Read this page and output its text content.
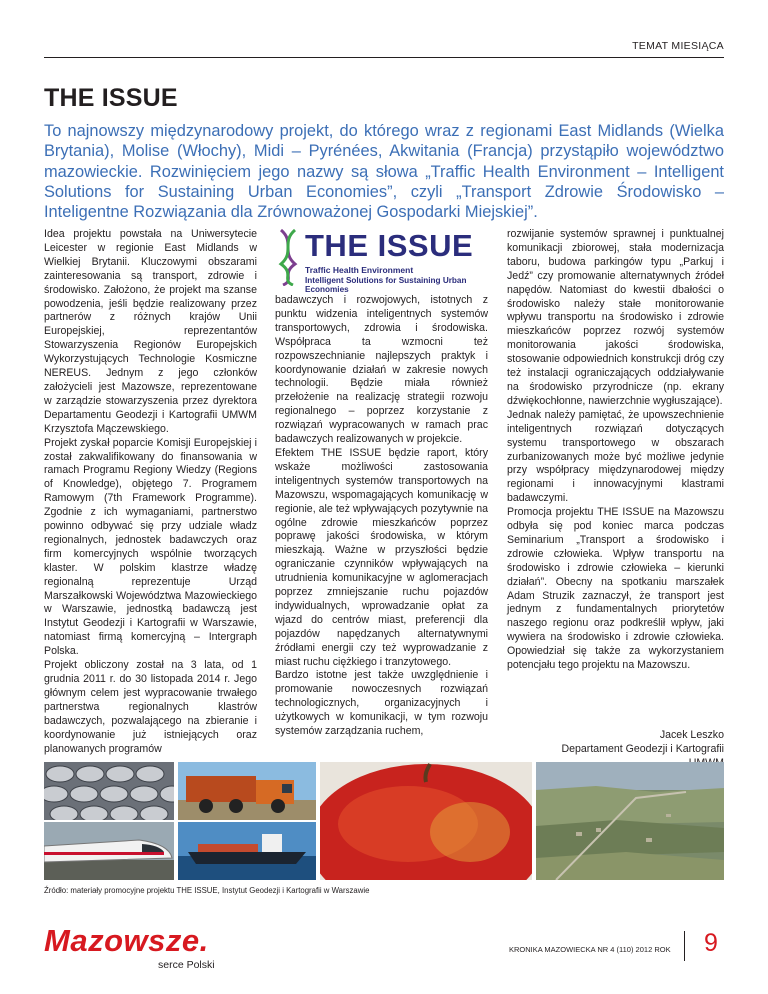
TEMAT MIESIĄCA
THE ISSUE

To najnowszy międzynarodowy projekt, do którego wraz z regionami East Midlands (Wielka Brytania), Molise (Włochy), Midi – Pyrénées, Akwitania (Francja) przystąpiło województwo mazowieckie. Rozwinięciem jego nazwy są słowa „Traffic Health Environment – Intelligent Solutions for Sustaining Urban Economies”, czyli „Transport Zdrowie Środowisko – Inteligentne Rozwiązania dla Zrównoważonej Gospodarki Miejskiej”.

Idea projektu powstała na Uniwersytecie Leicester w regionie East Midlands w Wielkiej Brytanii. Kluczowymi obszarami zainteresowania są transport, zdrowie i środowisko. Założono, że projekt ma szanse powodzenia, jeśli będzie realizowany przez partnerów z różnych krajów Unii Europejskiej, reprezentantów Stowarzyszenia Regionów Europejskich Wykorzystujących Technologie Kosmiczne NEREUS. Jednym z jego członków założycieli jest Mazowsze, reprezentowane w zarządzie stowarzyszenia przez dyrektora Departamentu Geodezji i Kartografii UMWM Krzysztofa Mączewskiego.

Projekt zyskał poparcie Komisji Europejskiej i został zakwalifikowany do finansowania w ramach Programu Regiony Wiedzy (Regions of Knowledge), objętego 7. Programem Ramowym (7th Framework Programme). Zgodnie z ich wymaganiami, partnerstwo powinno odbywać się przy udziale władz regionalnych, jednostek badawczych oraz firm komercyjnych wspólnie tworzących klaster. W polskim klastrze władzę regionalną reprezentuje Urząd Marszałkowski Województwa Mazowieckiego w Warszawie, jednostką badawczą jest Instytut Geodezji i Kartografii w Warszawie, natomiast firmą komercyjną – Intergraph Polska.

Projekt obliczony został na 3 lata, od 1 grudnia 2011 r. do 30 listopada 2014 r. Jego głównym celem jest wypracowanie trwałego partnerstwa regionalnych klastrów badawczych, pozwalającego na zbieranie i koordynowanie już istniejących oraz planowanych programów

THE ISSUE
Traffic Health Environment
Intelligent Solutions for Sustaining Urban Economies

badawczych i rozwojowych, istotnych z punktu widzenia inteligentnych systemów transportowych, zdrowia i środowiska. Współpraca ta wzmocni też rozpowszechnianie najlepszych praktyk i koordynowanie działań w zakresie nowych technologii. Będzie miała również przełożenie na realizację strategii rozwoju regionalnego – poprzez korzystanie z rozwiązań wypracowanych w ramach prac badawczych realizowanych w projekcie.

Efektem THE ISSUE będzie raport, który wskaże możliwości zastosowania inteligentnych systemów transportowych na Mazowszu, wspomagających komunikację w regionie, ale też wpływających pozytywnie na ogólne zdrowie mieszkańców poprzez poprawę jakości środowiska, w którym mieszkają. Ważne w przyszłości będzie ograniczanie czynników wpływających na utrudnienia komunikacyjne w aglomeracjach poprzez zmniejszanie ruchu pojazdów indywidualnych, wprowadzanie opłat za wjazd do centrów miast, preferencji dla pojazdów napędzanych alternatywnymi źródłami energii czy też wyprowadzanie z miast ruchu ciężkiego i tranzytowego.

Bardzo istotne jest także uwzględnienie i promowanie nowoczesnych rozwiązań technologicznych, organizacyjnych i użytkowych w komunikacji, w tym rozwoju systemów zarządzania ruchem,

rozwijanie systemów sprawnej i punktualnej komunikacji zbiorowej, stała modernizacja taboru, budowa parkingów typu „Parkuj i Jedź” czy promowanie alternatywnych źródeł napędów. Natomiast do kwestii dbałości o środowisko należy stałe monitorowanie wpływu transportu na środowisko i zdrowie mieszkańców poprzez rozwój systemów monitorowania jakości środowiska, stosowanie odpowiednich konstrukcji dróg czy też instalacji ograniczających oddziaływanie na środowisko przyrodnicze (np. ekrany dźwiękochłonne, nawierzchnie wygłuszające).

Jednak należy pamiętać, że upowszechnienie inteligentnych rozwiązań dotyczących systemu transportowego w obszarach zurbanizowanych może być możliwe jedynie przy współpracy międzynarodowej między regionami i innowacyjnymi klastrami badawczymi.

Promocja projektu THE ISSUE na Mazowszu odbyła się pod koniec marca podczas Seminarium „Transport a środowisko i zdrowie człowieka. Wpływ transportu na środowisko i zdrowie człowieka – kierunki działań”. Obecny na spotkaniu marszałek Adam Struzik zaznaczył, że transport jest jednym z fundamentalnych priorytetów naszego regionu oraz podkreślił wpływ, jaki wywiera na środowisko i zdrowie człowieka. Opowiedział się także za wykorzystaniem potencjału tego projektu na Mazowszu.

Jacek Leszko
Departament Geodezji i Kartografii
Źródło: materiały promocyjne projektu THE ISSUE, Instytut Geodezji i Kartografii w Warszawie
Mazowsze.
serce Polski
KRONIKA MAZOWIECKA NR 4 (110) 2012 ROK 9
